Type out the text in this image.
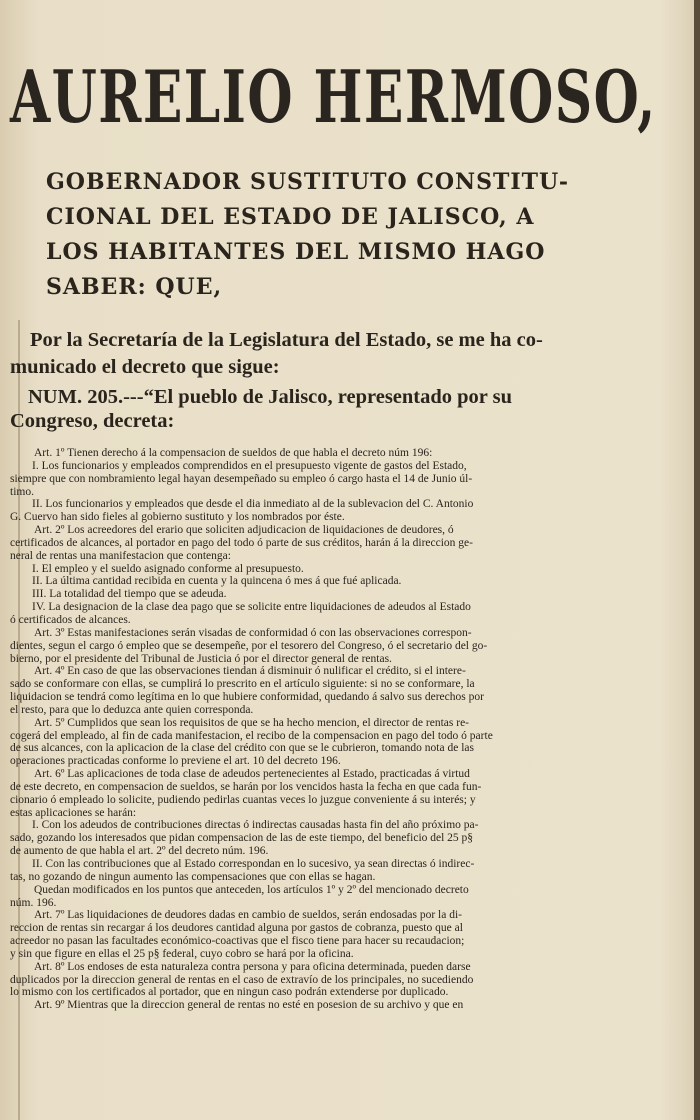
AURELIO HERMOSO,
GOBERNADOR SUSTITUTO CONSTITU-
CIONAL DEL ESTADO DE JALISCO, A
LOS HABITANTES DEL MISMO HAGO
SABER: QUE,
Por la Secretaría de la Legislatura del Estado, se me ha co-
municado el decreto que sigue:
NUM. 205.---“El pueblo de Jalisco, representado por su
Congreso, decreta:

Art. 1º Tienen derecho á la compensacion de sueldos de que habla el decreto núm 196:

I. Los funcionarios y empleados comprendidos en el presupuesto vigente de gastos del Estado,

siempre que con nombramiento legal hayan desempeñado su empleo ó cargo hasta el 14 de Junio úl-

timo.

II. Los funcionarios y empleados que desde el dia inmediato al de la sublevacion del C. Antonio

G. Cuervo han sido fieles al gobierno sustituto y los nombrados por éste.

Art. 2º Los acreedores del erario que soliciten adjudicacion de liquidaciones de deudores, ó

certificados de alcances, al portador en pago del todo ó parte de sus créditos, harán á la direccion ge-

neral de rentas una manifestacion que contenga:

I. El empleo y el sueldo asignado conforme al presupuesto.

II. La última cantidad recibida en cuenta y la quincena ó mes á que fué aplicada.

III. La totalidad del tiempo que se adeuda.

IV. La designacion de la clase dea pago que se solicite entre liquidaciones de adeudos al Estado

ó certificados de alcances.

Art. 3º Estas manifestaciones serán visadas de conformidad ó con las observaciones correspon-

dientes, segun el cargo ó empleo que se desempeñe, por el tesorero del Congreso, ó el secretario del go-

bierno, por el presidente del Tribunal de Justicia ó por el director general de rentas.

Art. 4º En caso de que las observaciones tiendan á disminuir ó nulificar el crédito, si el intere-

sado se conformare con ellas, se cumplirá lo prescrito en el artículo siguiente: si no se conformare, la

liquidacion se tendrá como legítima en lo que hubiere conformidad, quedando á salvo sus derechos por

el resto, para que lo deduzca ante quien corresponda.

Art. 5º Cumplidos que sean los requisitos de que se ha hecho mencion, el director de rentas re-

cogerá del empleado, al fin de cada manifestacion, el recibo de la compensacion en pago del todo ó parte

de sus alcances, con la aplicacion de la clase del crédito con que se le cubrieron, tomando nota de las

operaciones practicadas conforme lo previene el art. 10 del decreto 196.

Art. 6º Las aplicaciones de toda clase de adeudos pertenecientes al Estado, practicadas á virtud

de este decreto, en compensacion de sueldos, se harán por los vencidos hasta la fecha en que cada fun-

cionario ó empleado lo solicite, pudiendo pedirlas cuantas veces lo juzgue conveniente á su interés; y

estas aplicaciones se harán:

I. Con los adeudos de contribuciones directas ó indirectas causadas hasta fin del año próximo pa-

sado, gozando los interesados que pidan compensacion de las de este tiempo, del beneficio del 25 p§

de aumento de que habla el art. 2º del decreto núm. 196.

II. Con las contribuciones que al Estado correspondan en lo sucesivo, ya sean directas ó indirec-

tas, no gozando de ningun aumento las compensaciones que con ellas se hagan.

Quedan modificados en los puntos que anteceden, los artículos 1º y 2º del mencionado decreto

núm. 196.

Art. 7º Las liquidaciones de deudores dadas en cambio de sueldos, serán endosadas por la di-

reccion de rentas sin recargar á los deudores cantidad alguna por gastos de cobranza, puesto que al

acreedor no pasan las facultades económico-coactivas que el fisco tiene para hacer su recaudacion;

y sin que figure en ellas el 25 p§ federal, cuyo cobro se hará por la oficina.

Art. 8º Los endoses de esta naturaleza contra persona y para oficina determinada, pueden darse

duplicados por la direccion general de rentas en el caso de extravío de los principales, no sucediendo

lo mismo con los certificados al portador, que en ningun caso podrán extenderse por duplicado.

Art. 9º Mientras que la direccion general de rentas no esté en posesion de su archivo y que en
